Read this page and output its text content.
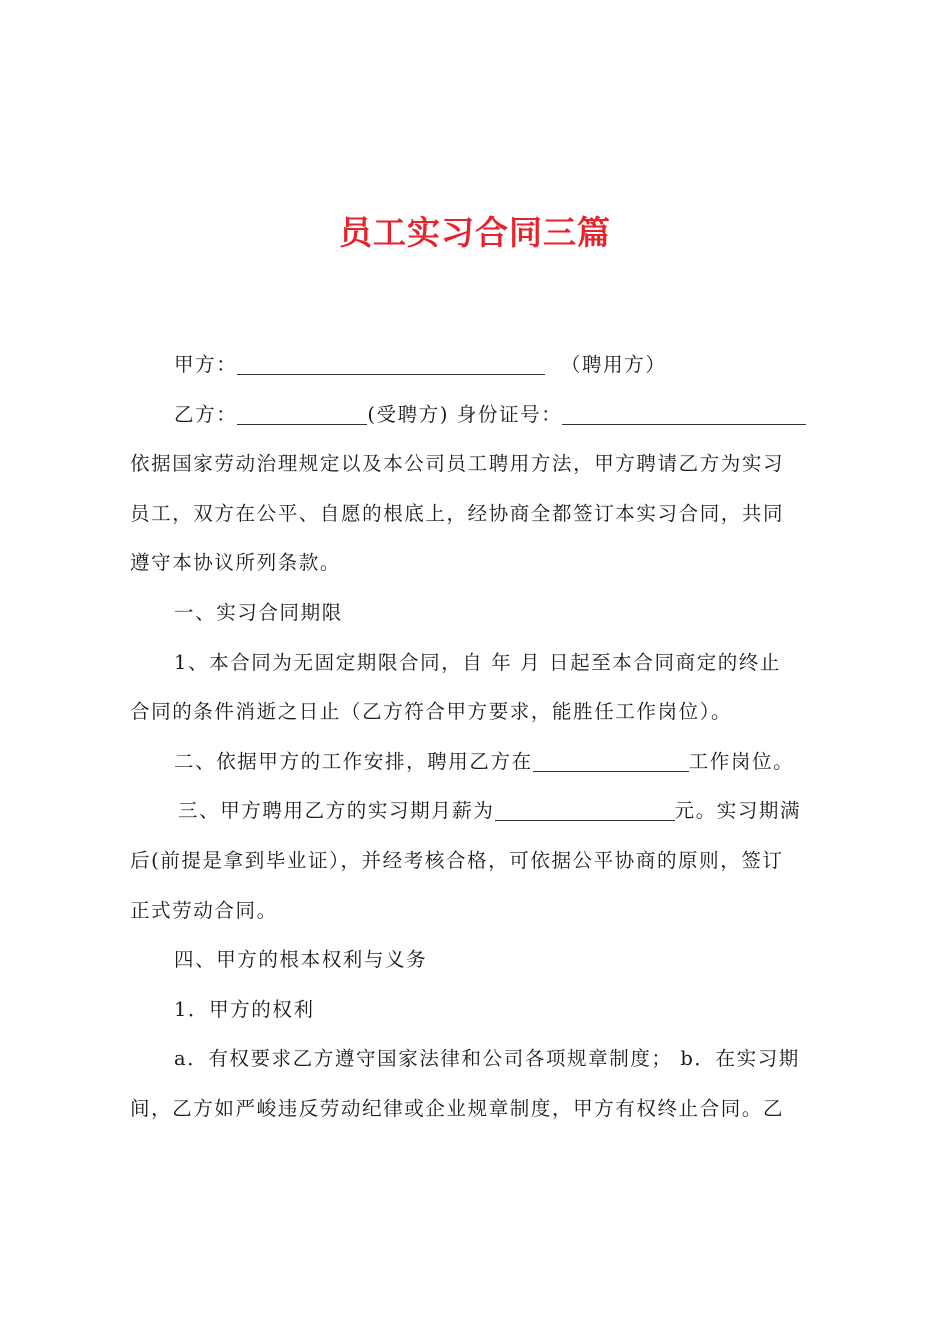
员工实习合同三篇
甲方：	（聘用方）
乙方：	(受聘方) 身份证号：
依据国家劳动治理规定以及本公司员工聘用方法，甲方聘请乙方为实习
员工，双方在公平、自愿的根底上，经协商全都签订本实习合同，共同
遵守本协议所列条款。
一、实习合同期限
1、本合同为无固定期限合同，自 年 月 日起至本合同商定的终止
合同的条件消逝之日止（乙方符合甲方要求，能胜任工作岗位）。
二、依据甲方的工作安排，聘用乙方在	工作岗位。
三、甲方聘用乙方的实习期月薪为	元。实习期满
后(前提是拿到毕业证），并经考核合格，可依据公平协商的原则，签订
正式劳动合同。
四、甲方的根本权利与义务
1．甲方的权利
a．有权要求乙方遵守国家法律和公司各项规章制度； b．在实习期
间，乙方如严峻违反劳动纪律或企业规章制度，甲方有权终止合同。乙
